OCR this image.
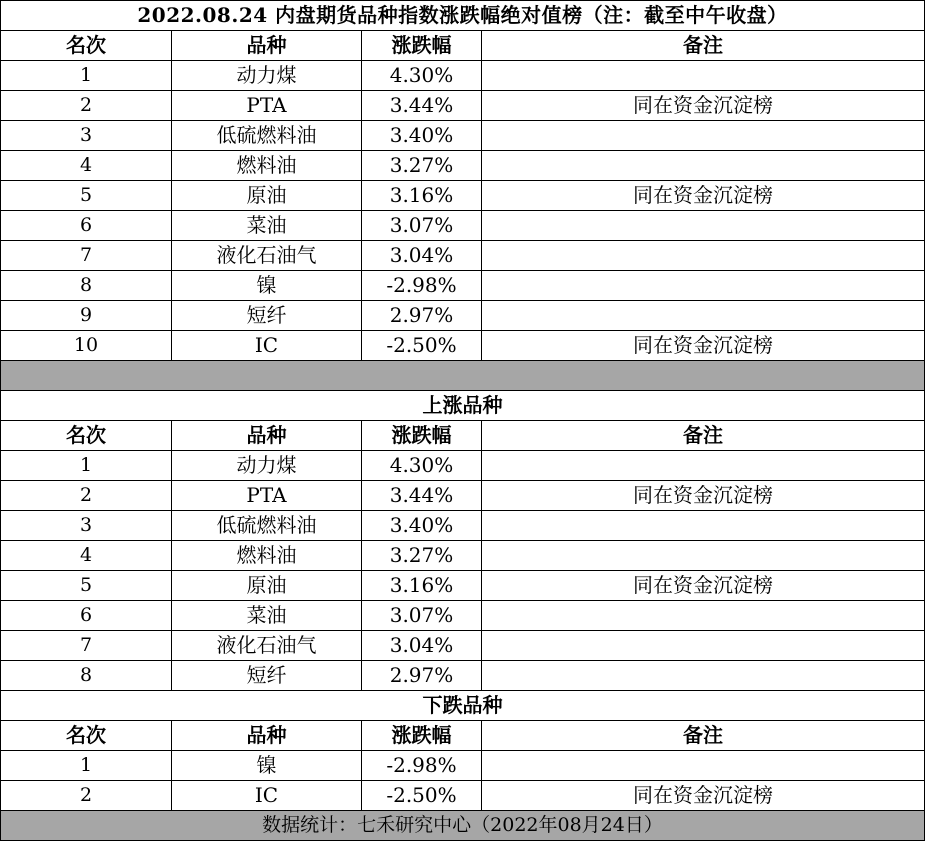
2022.08.24 内盘期货品种指数涨跌幅绝对值榜（注：截至中午收盘）
名次	品种	涨跌幅	备注
1	动力煤	4.30%
2	PTA	3.44%	同在资金沉淀榜
3	低硫燃料油	3.40%
4	燃料油	3.27%
5	原油	3.16%	同在资金沉淀榜
6	菜油	3.07%
7	液化石油气	3.04%
8	镍	-2.98%
9	短纤	2.97%
10	IC	-2.50%	同在资金沉淀榜
上涨品种
名次	品种	涨跌幅	备注
1	动力煤	4.30%
2	PTA	3.44%	同在资金沉淀榜
3	低硫燃料油	3.40%
4	燃料油	3.27%
5	原油	3.16%	同在资金沉淀榜
6	菜油	3.07%
7	液化石油气	3.04%
8	短纤	2.97%
下跌品种
名次	品种	涨跌幅	备注
1	镍	-2.98%
2	IC	-2.50%	同在资金沉淀榜
数据统计：七禾研究中心（2022年08月24日）
